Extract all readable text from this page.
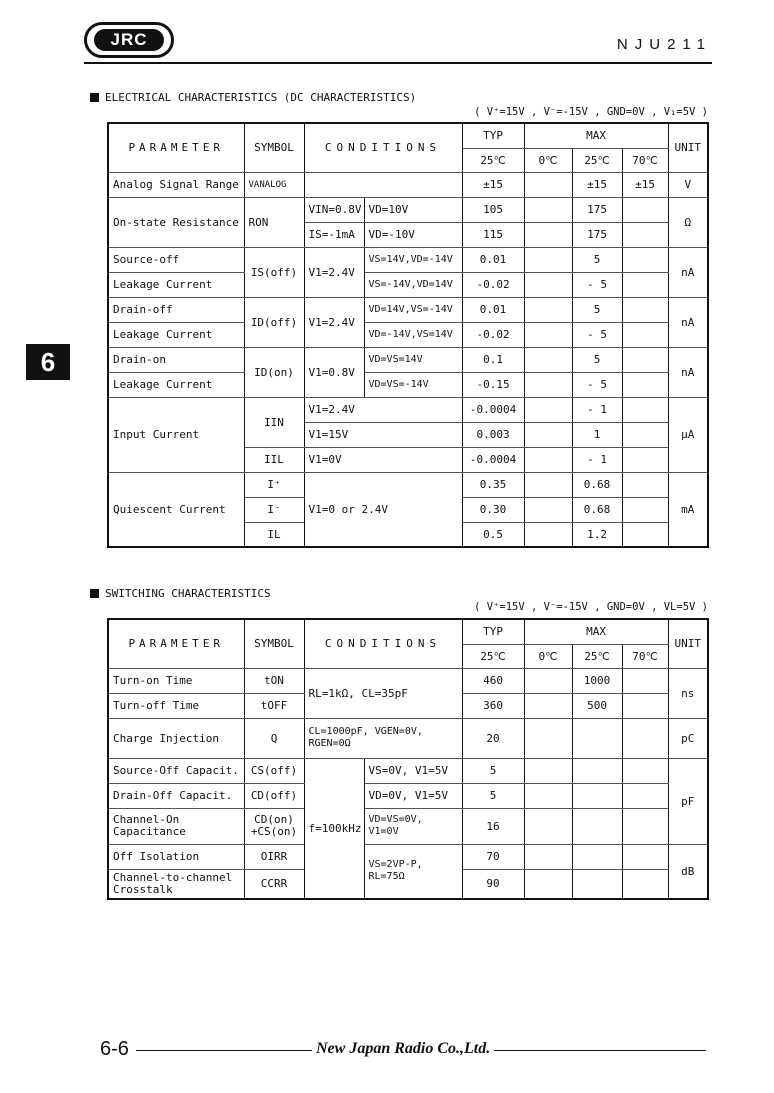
JRC	NJU211
6
ELECTRICAL CHARACTERISTICS (DC CHARACTERISTICS)
( V⁺=15V , V⁻=-15V , GND=0V , V₁=5V )
PARAMETER	SYMBOL	CONDITIONS		TYP	MAX			UNIT
				25℃	0℃	25℃	70℃	
Analog Signal Range	VANALOG			±15		±15	±15	V
On-state Resistance	RON	VIN=0.8V	VD=10V	105		175		Ω
		IS=-1mA	VD=-10V	115		175		
Source-off	IS(off)	V1=2.4V	VS=14V,VD=-14V	0.01		5		nA
Leakage Current			VS=-14V,VD=14V	-0.02		- 5		
Drain-off	ID(off)	V1=2.4V	VD=14V,VS=-14V	0.01		5		nA
Leakage Current			VD=-14V,VS=14V	-0.02		- 5		
Drain-on	ID(on)	V1=0.8V	VD=VS=14V	0.1		5		nA
Leakage Current			VD=VS=-14V	-0.15		- 5		
Input Current	IIN	V1=2.4V		-0.0004		- 1		μA
		V1=15V		0.003		1		
	IIL	V1=0V		-0.0004		- 1		
Quiescent Current	I⁺	V1=0 or 2.4V		0.35		0.68		mA
	I⁻			0.30		0.68		
	IL			0.5		1.2		
SWITCHING CHARACTERISTICS
( V⁺=15V , V⁻=-15V , GND=0V , VL=5V )
PARAMETER	SYMBOL	CONDITIONS		TYP	MAX			UNIT
				25℃	0℃	25℃	70℃	
Turn-on Time	tON	RL=1kΩ, CL=35pF		460		1000		ns
Turn-off Time	tOFF			360		500		
Charge Injection	Q	CL=1000pF, VGEN=0V, RGEN=0Ω		20				pC
Source-Off Capacit.	CS(off)	f=100kHz	VS=0V, V1=5V	5				pF
Drain-Off Capacit.	CD(off)		VD=0V, V1=5V	5				
Channel-On Capacitance	CD(on) +CS(on)		VD=VS=0V, V1=0V	16				
Off Isolation	OIRR		VS=2VP-P, RL=75Ω	70				dB
Channel-to-channel Crosstalk	CCRR			90				
6-6	New Japan Radio Co.,Ltd.
